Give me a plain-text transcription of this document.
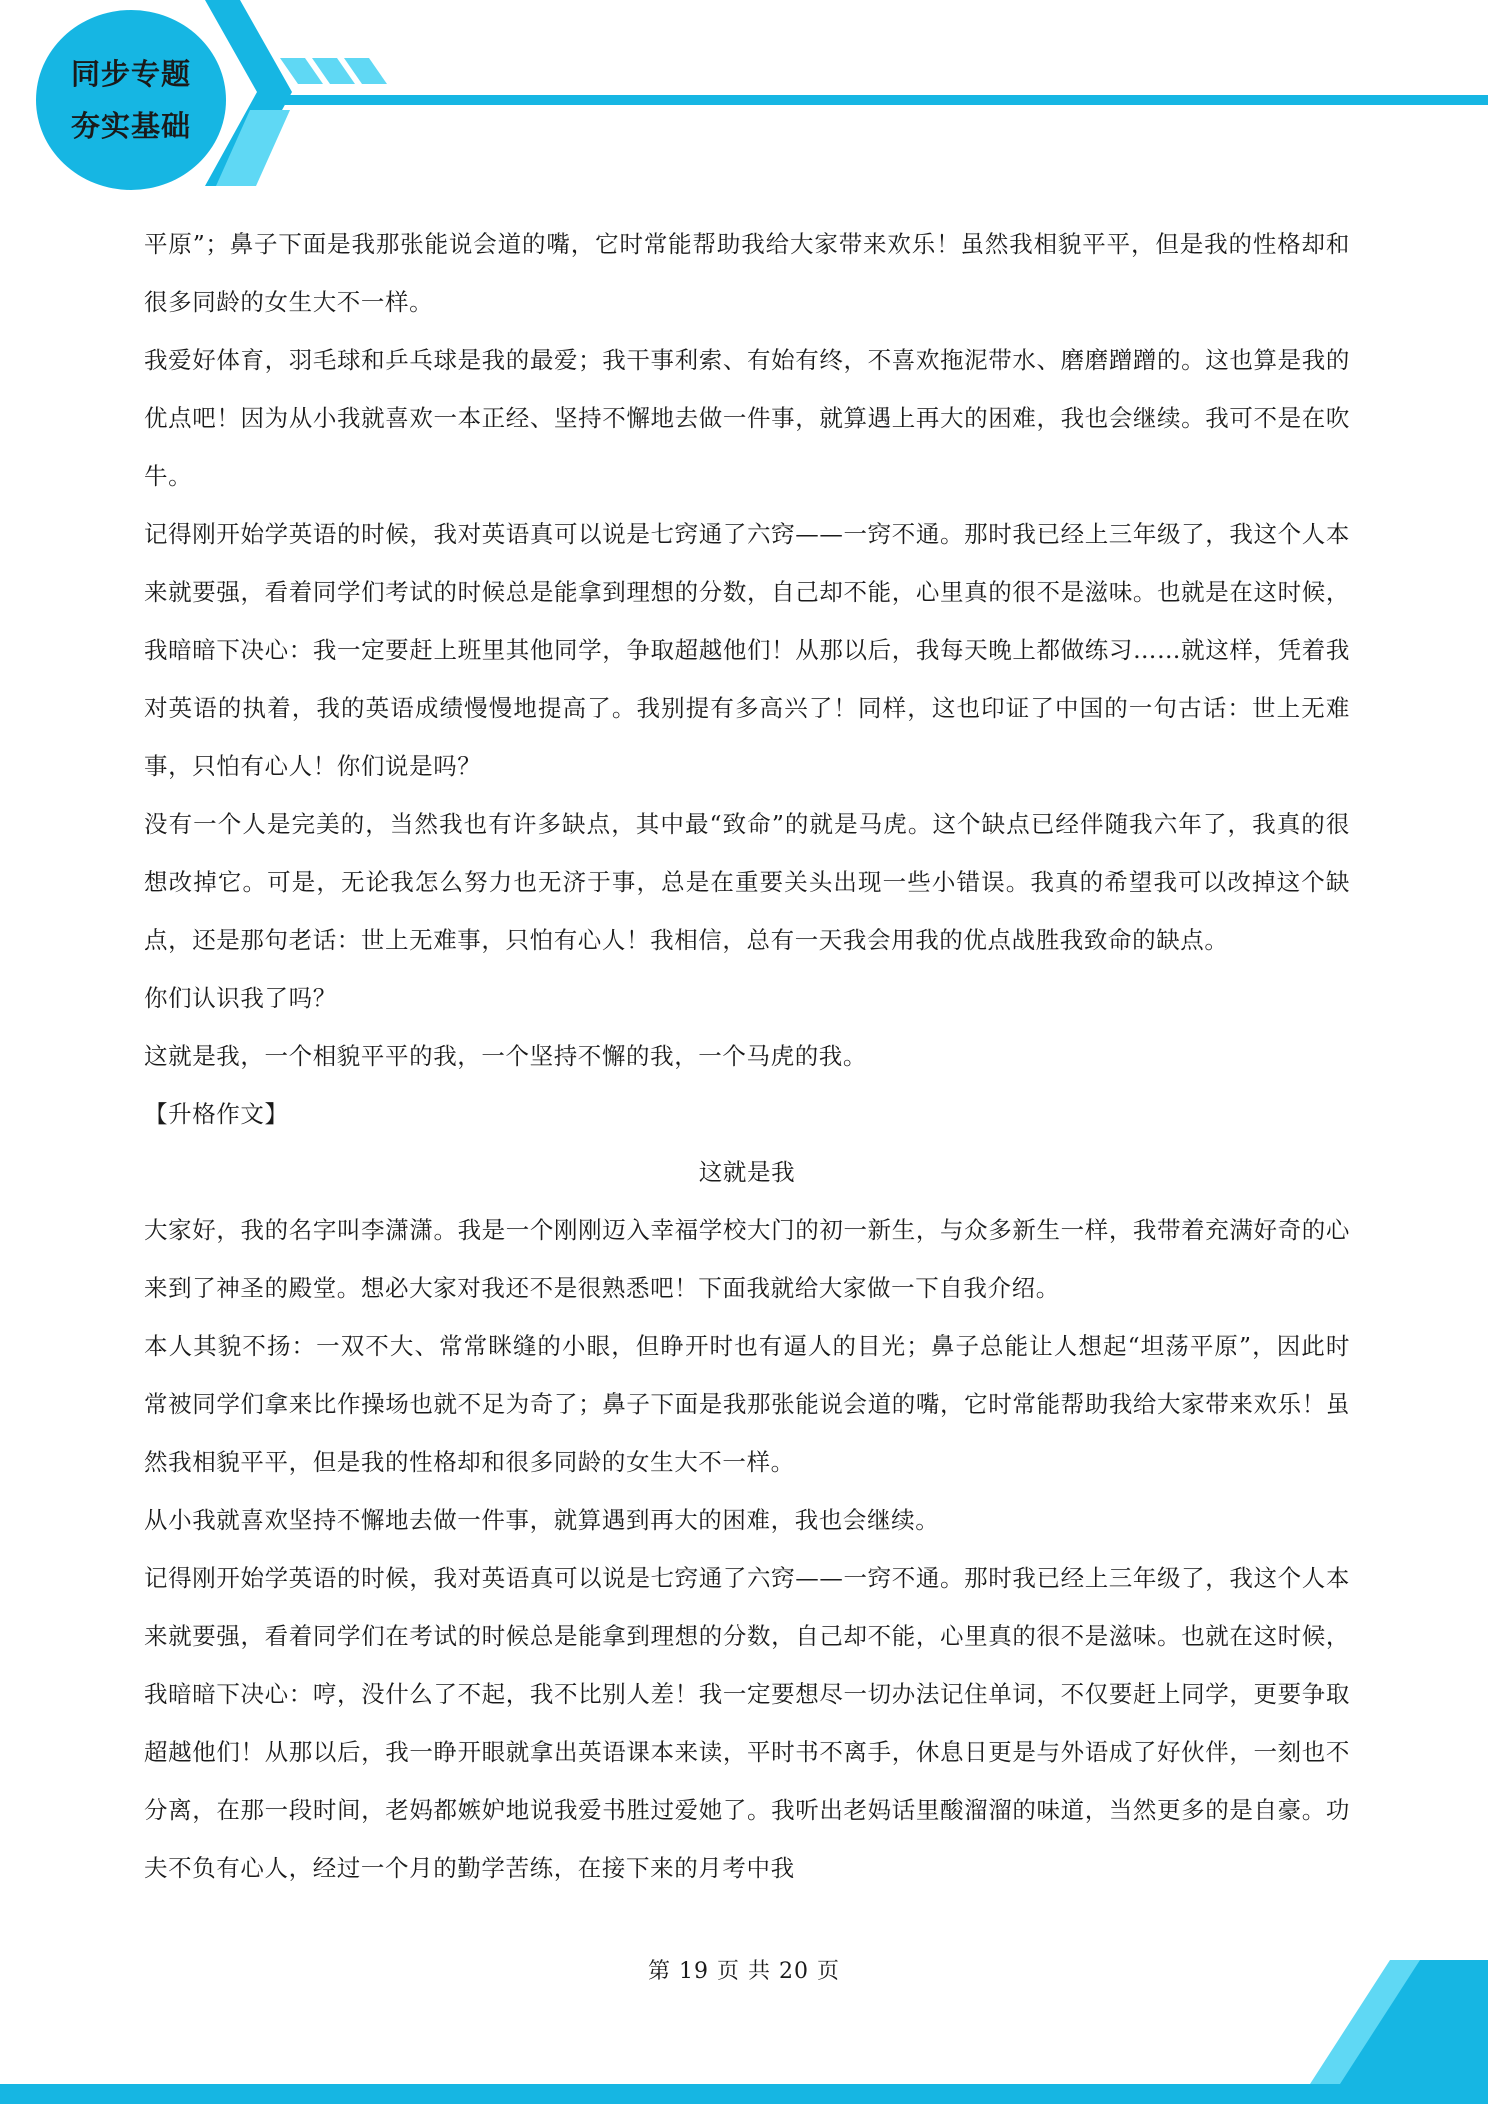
同步专题
夯实基础

平原”；鼻子下面是我那张能说会道的嘴，它时常能帮助我给大家带来欢乐！虽然我相貌平平，但是我的性格却和很多同龄的女生大不一样。

我爱好体育，羽毛球和乒乓球是我的最爱；我干事利索、有始有终，不喜欢拖泥带水、磨磨蹭蹭的。这也算是我的优点吧！因为从小我就喜欢一本正经、坚持不懈地去做一件事，就算遇上再大的困难，我也会继续。我可不是在吹牛。

记得刚开始学英语的时候，我对英语真可以说是七窍通了六窍——一窍不通。那时我已经上三年级了，我这个人本来就要强，看着同学们考试的时候总是能拿到理想的分数，自己却不能，心里真的很不是滋味。也就是在这时候，我暗暗下决心：我一定要赶上班里其他同学，争取超越他们！从那以后，我每天晚上都做练习……就这样，凭着我对英语的执着，我的英语成绩慢慢地提高了。我别提有多高兴了！同样，这也印证了中国的一句古话：世上无难事，只怕有心人！你们说是吗？

没有一个人是完美的，当然我也有许多缺点，其中最“致命”的就是马虎。这个缺点已经伴随我六年了，我真的很想改掉它。可是，无论我怎么努力也无济于事，总是在重要关头出现一些小错误。我真的希望我可以改掉这个缺点，还是那句老话：世上无难事，只怕有心人！我相信，总有一天我会用我的优点战胜我致命的缺点。

你们认识我了吗？

这就是我，一个相貌平平的我，一个坚持不懈的我，一个马虎的我。

【升格作文】

这就是我

大家好，我的名字叫李潇潇。我是一个刚刚迈入幸福学校大门的初一新生，与众多新生一样，我带着充满好奇的心来到了神圣的殿堂。想必大家对我还不是很熟悉吧！下面我就给大家做一下自我介绍。

本人其貌不扬：一双不大、常常眯缝的小眼，但睁开时也有逼人的目光；鼻子总能让人想起“坦荡平原”，因此时常被同学们拿来比作操场也就不足为奇了；鼻子下面是我那张能说会道的嘴，它时常能帮助我给大家带来欢乐！虽然我相貌平平，但是我的性格却和很多同龄的女生大不一样。

从小我就喜欢坚持不懈地去做一件事，就算遇到再大的困难，我也会继续。

记得刚开始学英语的时候，我对英语真可以说是七窍通了六窍——一窍不通。那时我已经上三年级了，我这个人本来就要强，看着同学们在考试的时候总是能拿到理想的分数，自己却不能，心里真的很不是滋味。也就在这时候，我暗暗下决心：哼，没什么了不起，我不比别人差！我一定要想尽一切办法记住单词，不仅要赶上同学，更要争取超越他们！从那以后，我一睁开眼就拿出英语课本来读，平时书不离手，休息日更是与外语成了好伙伴，一刻也不分离，在那一段时间，老妈都嫉妒地说我爱书胜过爱她了。我听出老妈话里酸溜溜的味道，当然更多的是自豪。功夫不负有心人，经过一个月的勤学苦练，在接下来的月考中我

第 19 页 共 20 页
